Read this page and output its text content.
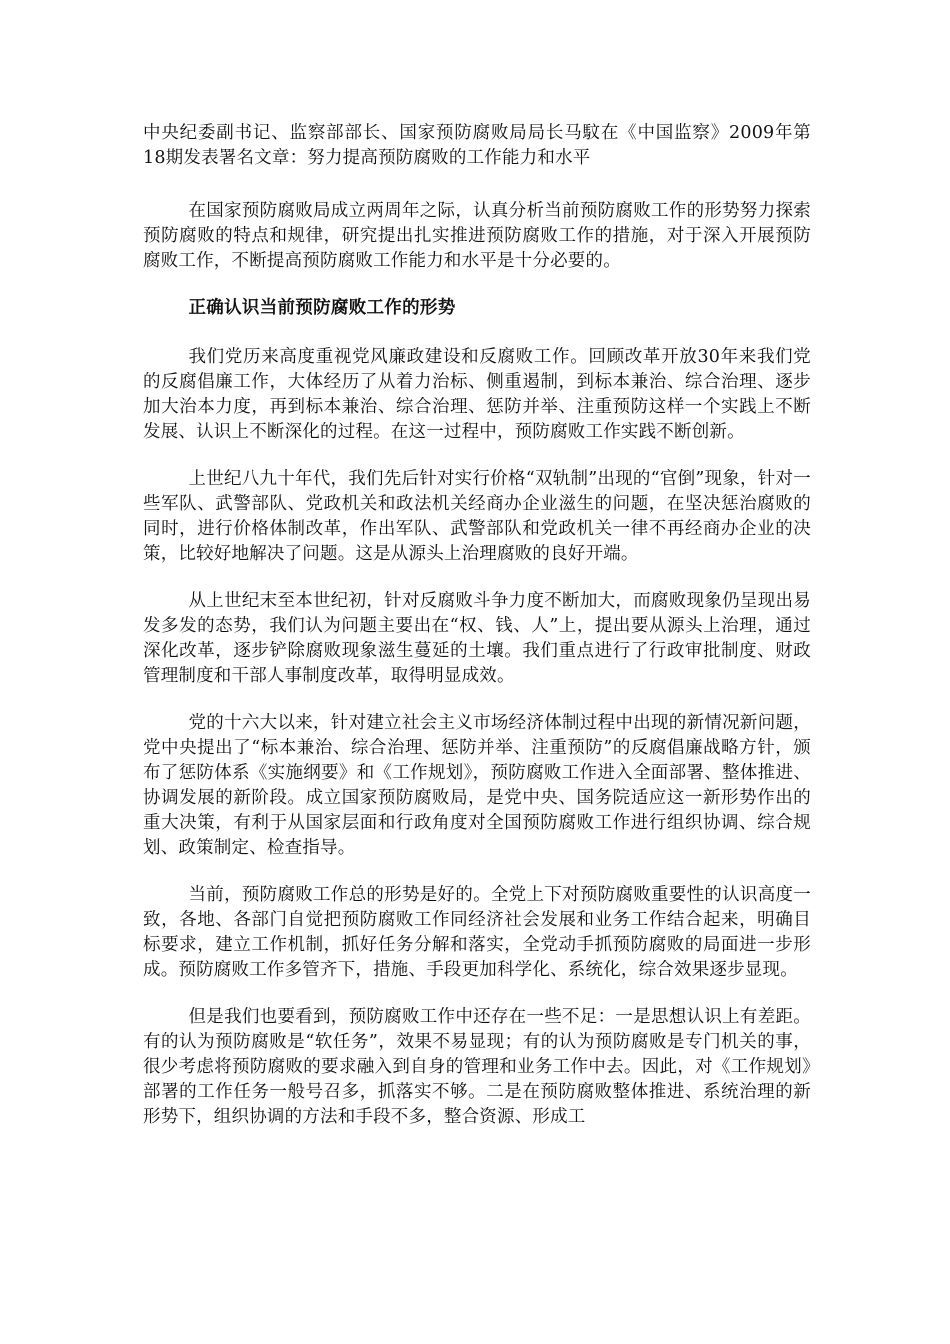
中央纪委副书记、监察部部长、国家预防腐败局局长马馼在《中国监察》2009年第18期发表署名文章：努力提高预防腐败的工作能力和水平

在国家预防腐败局成立两周年之际，认真分析当前预防腐败工作的形势努力探索预防腐败的特点和规律，研究提出扎实推进预防腐败工作的措施，对于深入开展预防腐败工作，不断提高预防腐败工作能力和水平是十分必要的。

正确认识当前预防腐败工作的形势

我们党历来高度重视党风廉政建设和反腐败工作。回顾改革开放30年来我们党的反腐倡廉工作，大体经历了从着力治标、侧重遏制，到标本兼治、综合治理、逐步加大治本力度，再到标本兼治、综合治理、惩防并举、注重预防这样一个实践上不断发展、认识上不断深化的过程。在这一过程中，预防腐败工作实践不断创新。

上世纪八九十年代，我们先后针对实行价格“双轨制”出现的“官倒”现象，针对一些军队、武警部队、党政机关和政法机关经商办企业滋生的问题，在坚决惩治腐败的同时，进行价格体制改革，作出军队、武警部队和党政机关一律不再经商办企业的决策，比较好地解决了问题。这是从源头上治理腐败的良好开端。

从上世纪末至本世纪初，针对反腐败斗争力度不断加大，而腐败现象仍呈现出易发多发的态势，我们认为问题主要出在“权、钱、人”上，提出要从源头上治理，通过深化改革，逐步铲除腐败现象滋生蔓延的土壤。我们重点进行了行政审批制度、财政管理制度和干部人事制度改革，取得明显成效。

党的十六大以来，针对建立社会主义市场经济体制过程中出现的新情况新问题，党中央提出了“标本兼治、综合治理、惩防并举、注重预防”的反腐倡廉战略方针，颁布了惩防体系《实施纲要》和《工作规划》，预防腐败工作进入全面部署、整体推进、协调发展的新阶段。成立国家预防腐败局，是党中央、国务院适应这一新形势作出的重大决策，有利于从国家层面和行政角度对全国预防腐败工作进行组织协调、综合规划、政策制定、检查指导。

当前，预防腐败工作总的形势是好的。全党上下对预防腐败重要性的认识高度一致，各地、各部门自觉把预防腐败工作同经济社会发展和业务工作结合起来，明确目标要求，建立工作机制，抓好任务分解和落实，全党动手抓预防腐败的局面进一步形成。预防腐败工作多管齐下，措施、手段更加科学化、系统化，综合效果逐步显现。

但是我们也要看到，预防腐败工作中还存在一些不足：一是思想认识上有差距。有的认为预防腐败是“软任务”，效果不易显现；有的认为预防腐败是专门机关的事，很少考虑将预防腐败的要求融入到自身的管理和业务工作中去。因此，对《工作规划》部署的工作任务一般号召多，抓落实不够。二是在预防腐败整体推进、系统治理的新形势下，组织协调的方法和手段不多，整合资源、形成工
